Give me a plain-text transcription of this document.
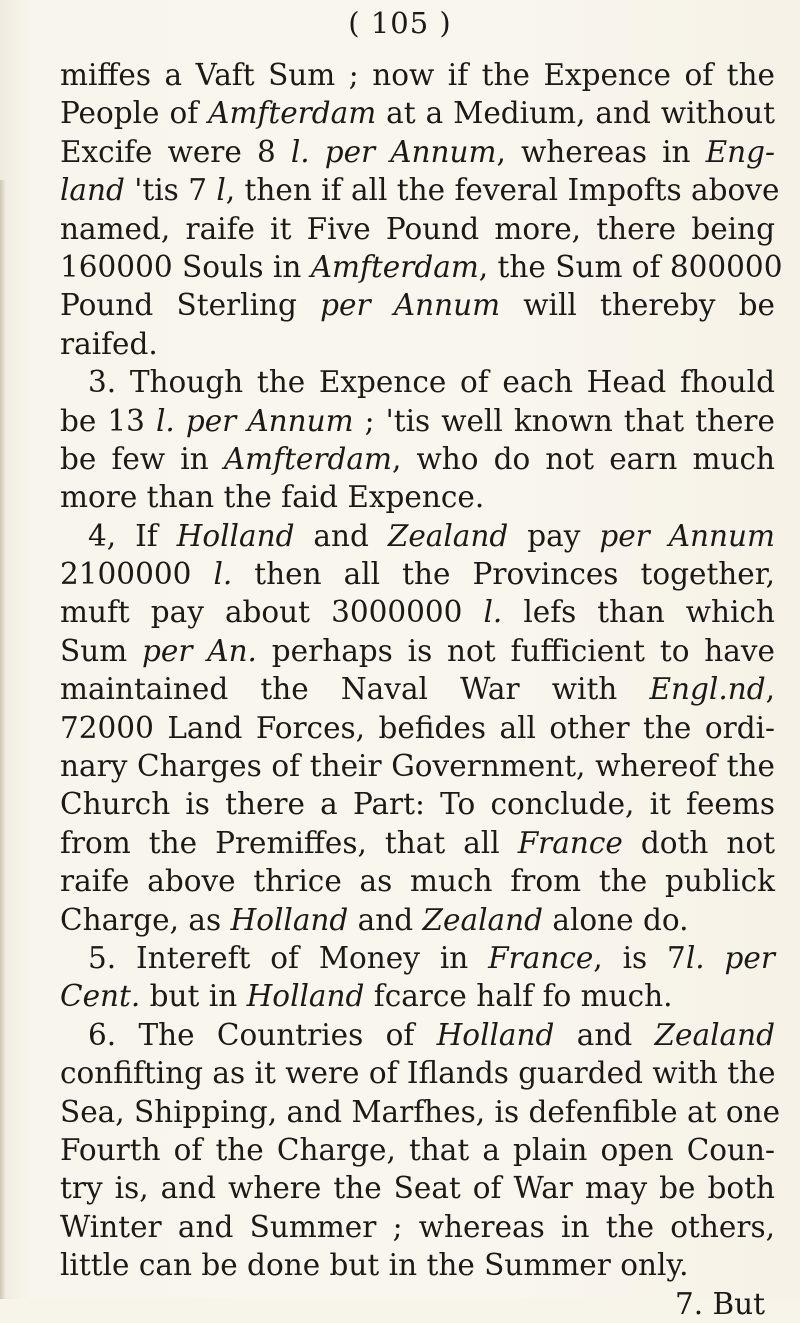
( 105 )
miffes a Vaft Sum ; now if the Expence of the
People of Amfterdam at a Medium, and without
Excife were 8 l. per Annum, whereas in Eng-
land 'tis 7 l, then if all the feveral Impofts above
named, raife it Five Pound more, there being
160000 Souls in Amfterdam, the Sum of 800000
Pound Sterling per Annum will thereby be
raifed.
3. Though the Expence of each Head fhould
be 13 l. per Annum ; 'tis well known that there
be few in Amfterdam, who do not earn much
more than the faid Expence.
4, If Holland and Zealand pay per Annum
2100000 l. then all the Provinces together,
muft pay about 3000000 l. lefs than which
Sum per An. perhaps is not fufficient to have
maintained the Naval War with Engl.nd,
72000 Land Forces, befides all other the ordi-
nary Charges of their Government, whereof the
Church is there a Part: To conclude, it feems
from the Premiffes, that all France doth not
raife above thrice as much from the publick
Charge, as Holland and Zealand alone do.
5. Intereft of Money in France, is 7l. per
Cent. but in Holland fcarce half fo much.
6. The Countries of Holland and Zealand
confifting as it were of Iflands guarded with the
Sea, Shipping, and Marfhes, is defenfible at one
Fourth of the Charge, that a plain open Coun-
try is, and where the Seat of War may be both
Winter and Summer ; whereas in the others,
little can be done but in the Summer only.
7. But
